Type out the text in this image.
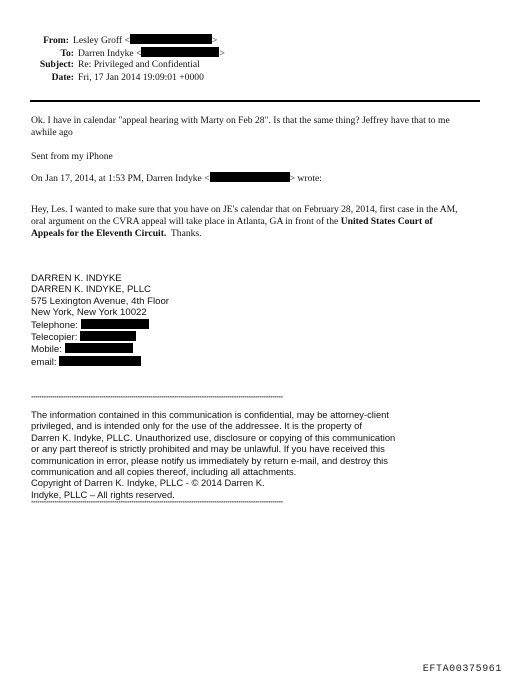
From: Lesley Groff <	>
To: Darren Indyke <	>
Subject: Re: Privileged and Confidential
Date: Fri, 17 Jan 2014 19:09:01 +0000
Ok. I have in calendar "appeal hearing with Marty on Feb 28". Is that the same thing? Jeffrey have that to me
awhile ago
Sent from my iPhone
On Jan 17, 2014, at 1:53 PM, Darren Indyke <	> wrote:
Hey, Les. I wanted to make sure that you have on JE's calendar that on February 28, 2014, first case in the AM,
oral argument on the CVRA appeal will take place in Atlanta, GA in front of the United States Court of
Appeals for the Eleventh Circuit. Thanks.
DARREN K. INDYKE
DARREN K. INDYKE, PLLC
575 Lexington Avenue, 4th Floor
New York, New York 10022
Telephone:
Telecopier:
Mobile:
email:
**********************************************************************************************************************
The information contained in this communication is confidential, may be attorney-client
privileged, and is intended only for the use of the addressee. It is the property of
Darren K. Indyke, PLLC. Unauthorized use, disclosure or copying of this communication
or any part thereof is strictly prohibited and may be unlawful. If you have received this
communication in error, please notify us immediately by return e-mail, and destroy this
communication and all copies thereof, including all attachments.
Copyright of Darren K. Indyke, PLLC - © 2014 Darren K.
Indyke, PLLC – All rights reserved.
**********************************************************************************************************************
EFTA00375961
